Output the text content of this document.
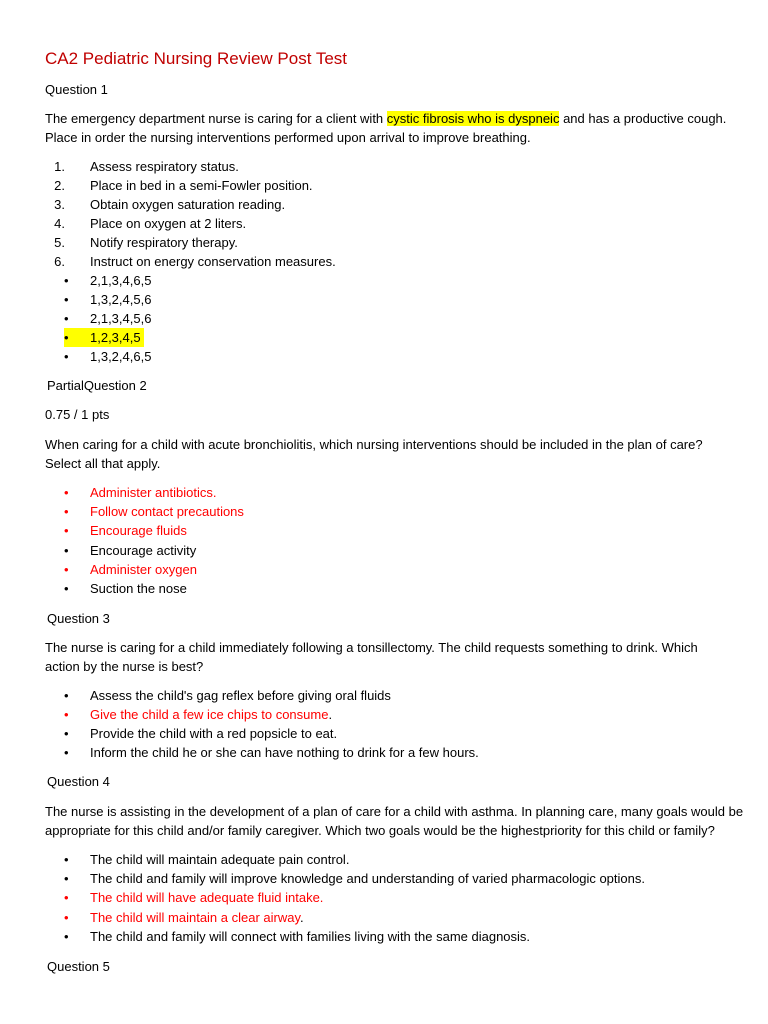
CA2 Pediatric Nursing Review Post Test
Question 1
The emergency department nurse is caring for a client with cystic fibrosis who is dyspneic and has a productive cough.
Place in order the nursing interventions performed upon arrival to improve breathing.
1. Assess respiratory status.
2. Place in bed in a semi-Fowler position.
3. Obtain oxygen saturation reading.
4. Place on oxygen at 2 liters.
5. Notify respiratory therapy.
6. Instruct on energy conservation measures.
• 2,1,3,4,6,5
• 1,3,2,4,5,6
• 2,1,3,4,5,6
• 1,2,3,4,5
• 1,3,2,4,6,5
PartialQuestion 2
0.75 / 1 pts
When caring for a child with acute bronchiolitis, which nursing interventions should be included in the plan of care?
Select all that apply.
• Administer antibiotics.
• Follow contact precautions
• Encourage fluids
• Encourage activity
• Administer oxygen
• Suction the nose
Question 3
The nurse is caring for a child immediately following a tonsillectomy. The child requests something to drink. Which
action by the nurse is best?
• Assess the child's gag reflex before giving oral fluids
• Give the child a few ice chips to consume.
• Provide the child with a red popsicle to eat.
• Inform the child he or she can have nothing to drink for a few hours.
Question 4
The nurse is assisting in the development of a plan of care for a child with asthma. In planning care, many goals would be
appropriate for this child and/or family caregiver. Which two goals would be the highestpriority for this child or family?
• The child will maintain adequate pain control.
• The child and family will improve knowledge and understanding of varied pharmacologic options.
• The child will have adequate fluid intake.
• The child will maintain a clear airway.
• The child and family will connect with families living with the same diagnosis.
Question 5
